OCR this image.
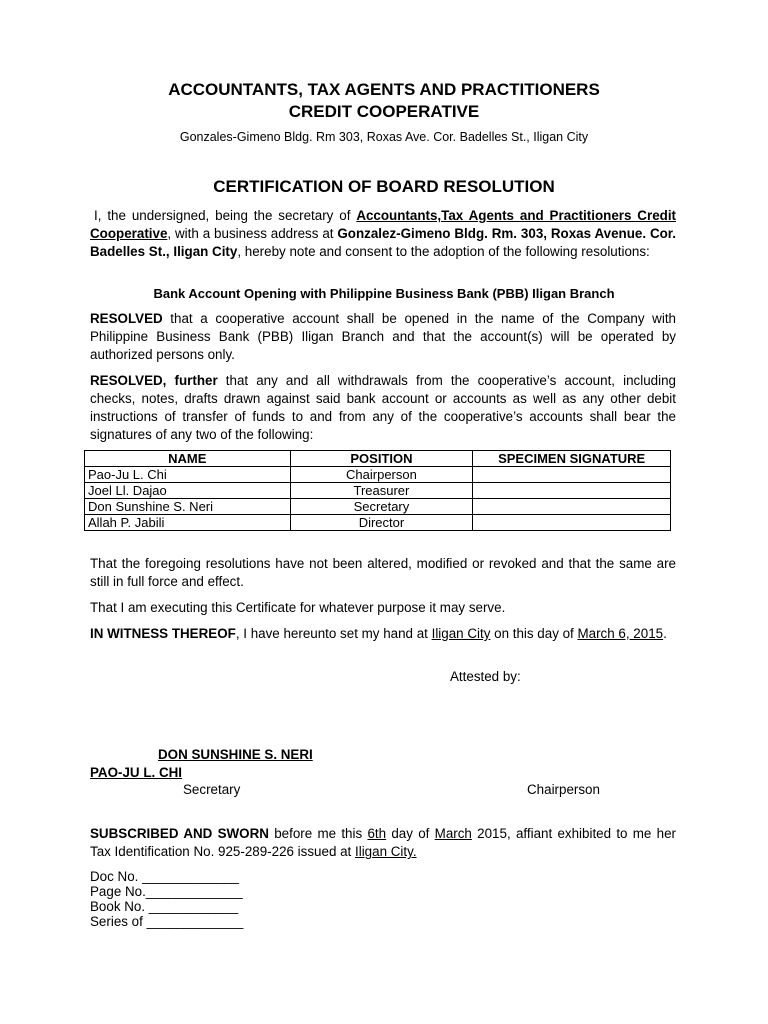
ACCOUNTANTS, TAX AGENTS AND PRACTITIONERS
CREDIT COOPERATIVE
Gonzales-Gimeno Bldg. Rm 303, Roxas Ave. Cor. Badelles St., Iligan City
CERTIFICATION OF BOARD RESOLUTION
I, the undersigned, being the secretary of Accountants,Tax Agents and Practitioners Credit Cooperative, with a business address at Gonzalez-Gimeno Bldg. Rm. 303, Roxas Avenue. Cor. Badelles St., Iligan City, hereby note and consent to the adoption of the following resolutions:
Bank Account Opening with Philippine Business Bank (PBB) Iligan Branch
RESOLVED that a cooperative account shall be opened in the name of the Company with Philippine Business Bank (PBB) Iligan Branch and that the account(s) will be operated by authorized persons only.
RESOLVED, further that any and all withdrawals from the cooperative’s account, including checks, notes, drafts drawn against said bank account or accounts as well as any other debit instructions of transfer of funds to and from any of the cooperative’s accounts shall bear the signatures of any two of the following:
NAME	POSITION	SPECIMEN SIGNATURE
Pao-Ju L. Chi	Chairperson	
Joel Ll. Dajao	Treasurer	
Don Sunshine S. Neri	Secretary	
Allah P. Jabili	Director	
That the foregoing resolutions have not been altered, modified or revoked and that the same are still in full force and effect.
That I am executing this Certificate for whatever purpose it may serve.
IN WITNESS THEREOF, I have hereunto set my hand at Iligan City on this day of March 6, 2015.
Attested by:
DON SUNSHINE S. NERI
PAO-JU L. CHI
Secretary	Chairperson
SUBSCRIBED AND SWORN before me this 6th day of March 2015, affiant exhibited to me her Tax Identification No. 925-289-226 issued at Iligan City.
Doc No. _____________
Page No._____________
Book No. ____________
Series of _____________
